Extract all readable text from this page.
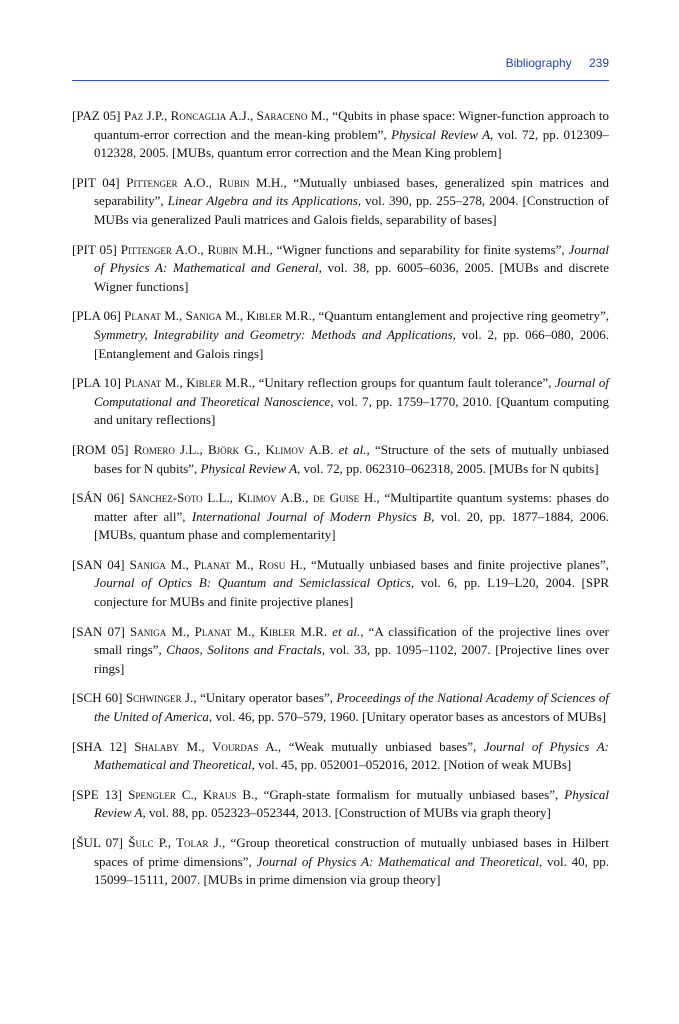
Bibliography 239

[PAZ 05] Paz J.P., Roncaglia A.J., Saraceno M., “Qubits in phase space: Wigner-function approach to quantum-error correction and the mean-king problem”, Physical Review A, vol. 72, pp. 012309–012328, 2005. [MUBs, quantum error correction and the Mean King problem]

[PIT 04] Pittenger A.O., Rubin M.H., “Mutually unbiased bases, generalized spin matrices and separability”, Linear Algebra and its Applications, vol. 390, pp. 255–278, 2004. [Construction of MUBs via generalized Pauli matrices and Galois fields, separability of bases]

[PIT 05] Pittenger A.O., Rubin M.H., “Wigner functions and separability for finite systems”, Journal of Physics A: Mathematical and General, vol. 38, pp. 6005–6036, 2005. [MUBs and discrete Wigner functions]

[PLA 06] Planat M., Saniga M., Kibler M.R., “Quantum entanglement and projective ring geometry”, Symmetry, Integrability and Geometry: Methods and Applications, vol. 2, pp. 066–080, 2006. [Entanglement and Galois rings]

[PLA 10] Planat M., Kibler M.R., “Unitary reflection groups for quantum fault tolerance”, Journal of Computational and Theoretical Nanoscience, vol. 7, pp. 1759–1770, 2010. [Quantum computing and unitary reflections]

[ROM 05] Romero J.L., Björk G., Klimov A.B. et al., “Structure of the sets of mutually unbiased bases for N qubits”, Physical Review A, vol. 72, pp. 062310–062318, 2005. [MUBs for N qubits]

[SÁN 06] Sánchez-Soto L.L., Klimov A.B., de Guise H., “Multipartite quantum systems: phases do matter after all”, International Journal of Modern Physics B, vol. 20, pp. 1877–1884, 2006. [MUBs, quantum phase and complementarity]

[SAN 04] Saniga M., Planat M., Rosu H., “Mutually unbiased bases and finite projective planes”, Journal of Optics B: Quantum and Semiclassical Optics, vol. 6, pp. L19–L20, 2004. [SPR conjecture for MUBs and finite projective planes]

[SAN 07] Saniga M., Planat M., Kibler M.R. et al., “A classification of the projective lines over small rings”, Chaos, Solitons and Fractals, vol. 33, pp. 1095–1102, 2007. [Projective lines over rings]

[SCH 60] Schwinger J., “Unitary operator bases”, Proceedings of the National Academy of Sciences of the United of America, vol. 46, pp. 570–579, 1960. [Unitary operator bases as ancestors of MUBs]

[SHA 12] Shalaby M., Vourdas A., “Weak mutually unbiased bases”, Journal of Physics A: Mathematical and Theoretical, vol. 45, pp. 052001–052016, 2012. [Notion of weak MUBs]

[SPE 13] Spengler C., Kraus B., “Graph-state formalism for mutually unbiased bases”, Physical Review A, vol. 88, pp. 052323–052344, 2013. [Construction of MUBs via graph theory]

[ŠUL 07] Šulc P., Tolar J., “Group theoretical construction of mutually unbiased bases in Hilbert spaces of prime dimensions”, Journal of Physics A: Mathematical and Theoretical, vol. 40, pp. 15099–15111, 2007. [MUBs in prime dimension via group theory]
